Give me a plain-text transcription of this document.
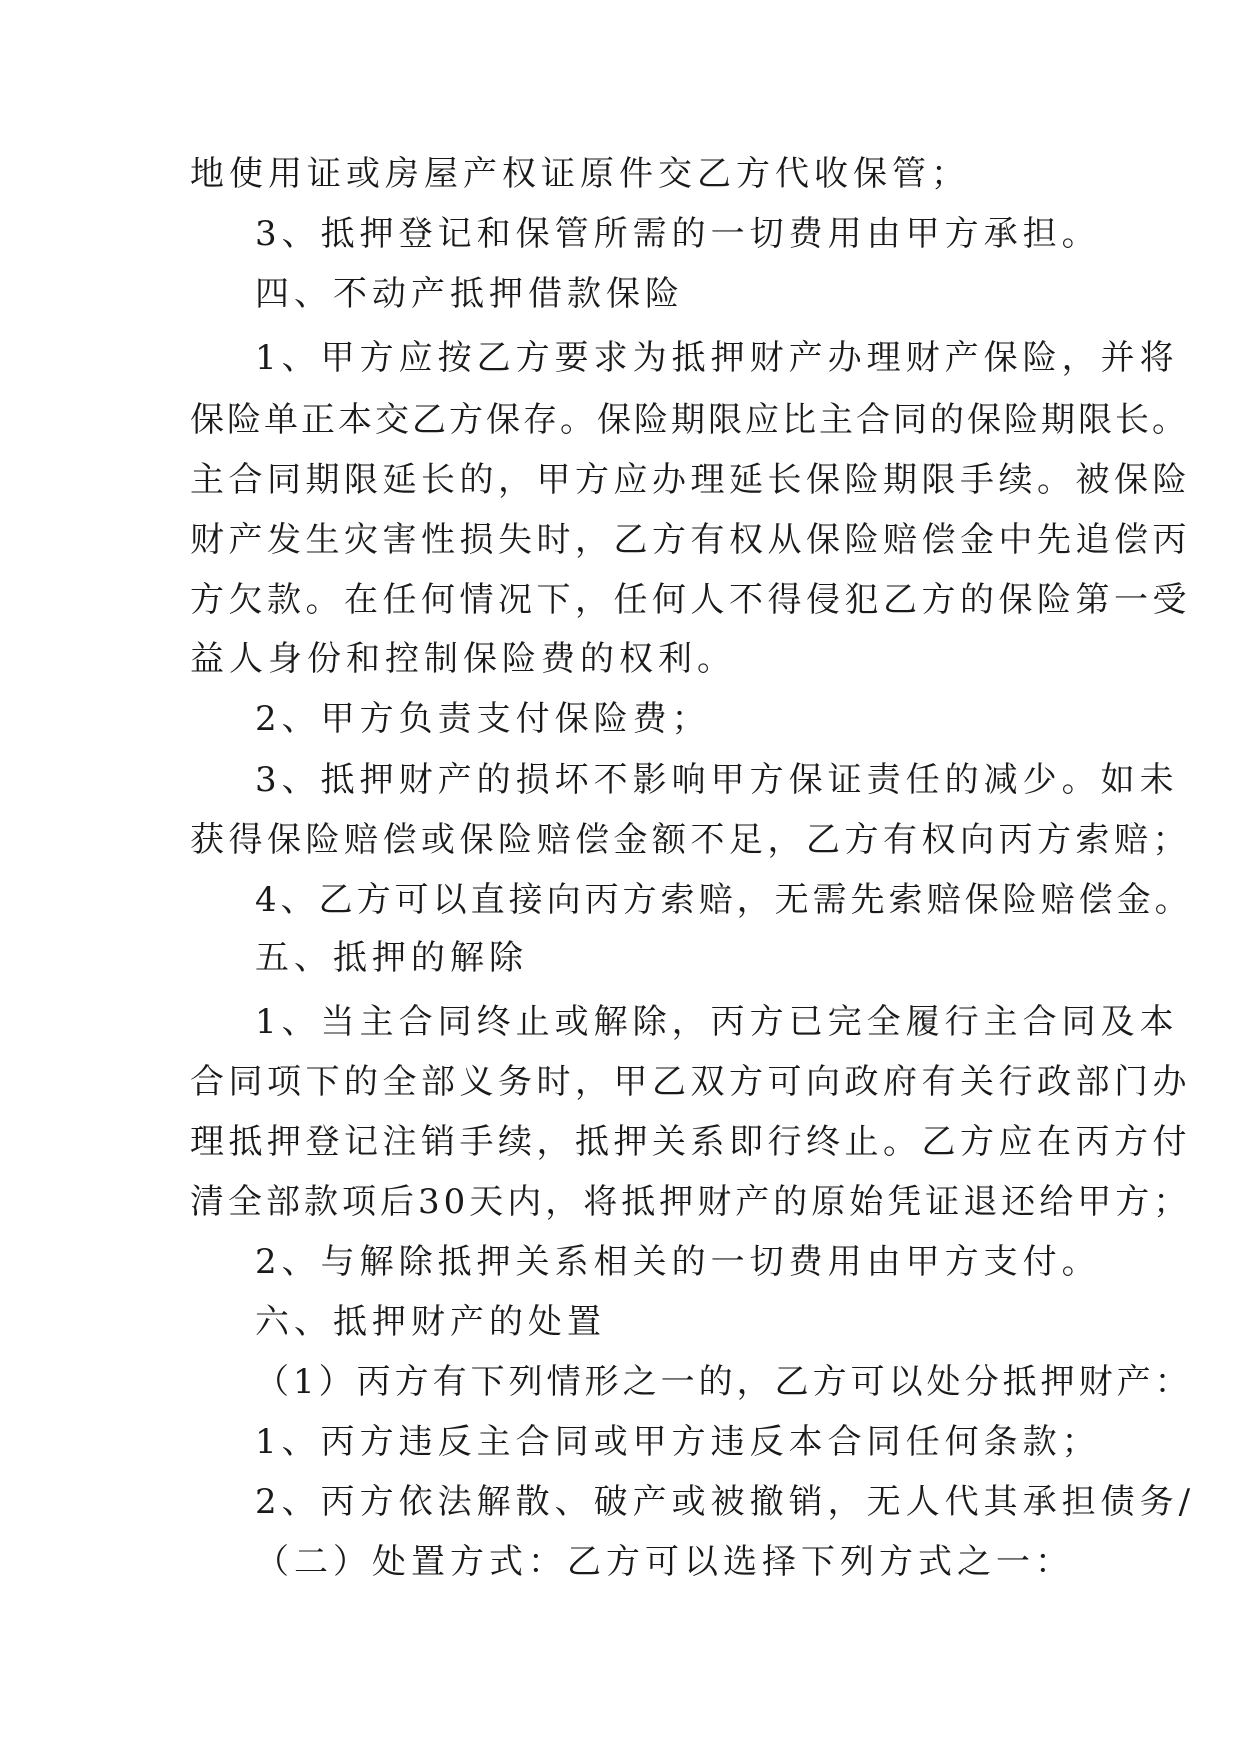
地使用证或房屋产权证原件交乙方代收保管；
3、抵押登记和保管所需的一切费用由甲方承担。
四、不动产抵押借款保险
1、甲方应按乙方要求为抵押财产办理财产保险，并将
保险单正本交乙方保存。保险期限应比主合同的保险期限长。
主合同期限延长的，甲方应办理延长保险期限手续。被保险
财产发生灾害性损失时，乙方有权从保险赔偿金中先追偿丙
方欠款。在任何情况下，任何人不得侵犯乙方的保险第一受
益人身份和控制保险费的权利。
2、甲方负责支付保险费；
3、抵押财产的损坏不影响甲方保证责任的减少。如未
获得保险赔偿或保险赔偿金额不足，乙方有权向丙方索赔；
4、乙方可以直接向丙方索赔，无需先索赔保险赔偿金。
五、抵押的解除
1、当主合同终止或解除，丙方已完全履行主合同及本
合同项下的全部义务时，甲乙双方可向政府有关行政部门办
理抵押登记注销手续，抵押关系即行终止。乙方应在丙方付
清全部款项后30天内，将抵押财产的原始凭证退还给甲方；
2、与解除抵押关系相关的一切费用由甲方支付。
六、抵押财产的处置
（1）丙方有下列情形之一的，乙方可以处分抵押财产：
1、丙方违反主合同或甲方违反本合同任何条款；
2、丙方依法解散、破产或被撤销，无人代其承担债务/
（二）处置方式：乙方可以选择下列方式之一：
